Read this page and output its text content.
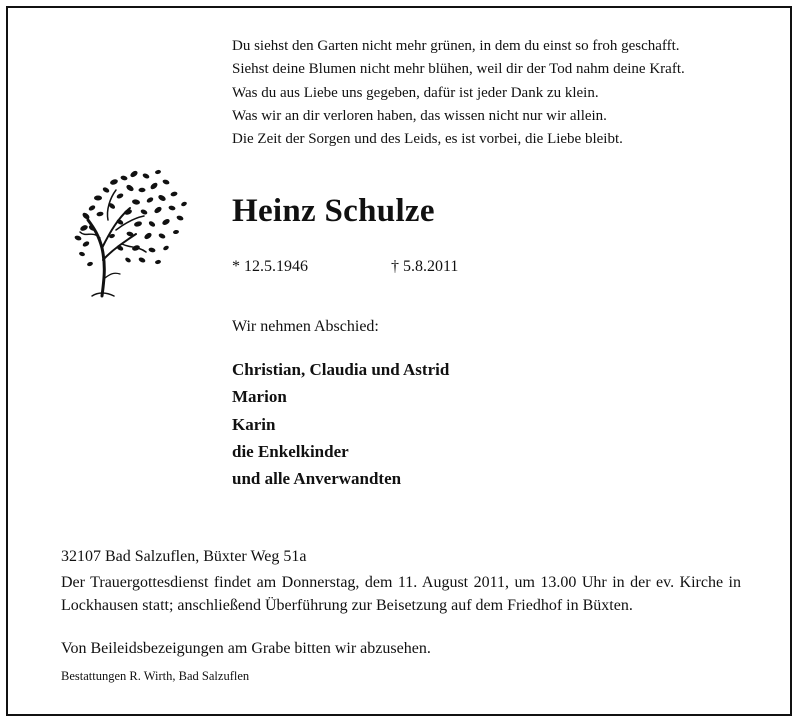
Du siehst den Garten nicht mehr grünen, in dem du einst so froh geschafft.
Siehst deine Blumen nicht mehr blühen, weil dir der Tod nahm deine Kraft.
Was du aus Liebe uns gegeben, dafür ist jeder Dank zu klein.
Was wir an dir verloren haben, das wissen nicht nur wir allein.
Die Zeit der Sorgen und des Leids, es ist vorbei, die Liebe bleibt.
Heinz Schulze
* 12.5.1946	† 5.8.2011
Wir nehmen Abschied:
Christian, Claudia und Astrid
Marion
Karin
die Enkelkinder
und alle Anverwandten
32107 Bad Salzuflen, Büxter Weg 51a
Der Trauergottesdienst findet am Donnerstag, dem 11. August 2011, um 13.00 Uhr in der ev. Kirche in Lockhausen statt; anschließend Überführung zur Beisetzung auf dem Friedhof in Büxten.
Von Beileidsbezeigungen am Grabe bitten wir abzusehen.
Bestattungen R. Wirth, Bad Salzuflen
